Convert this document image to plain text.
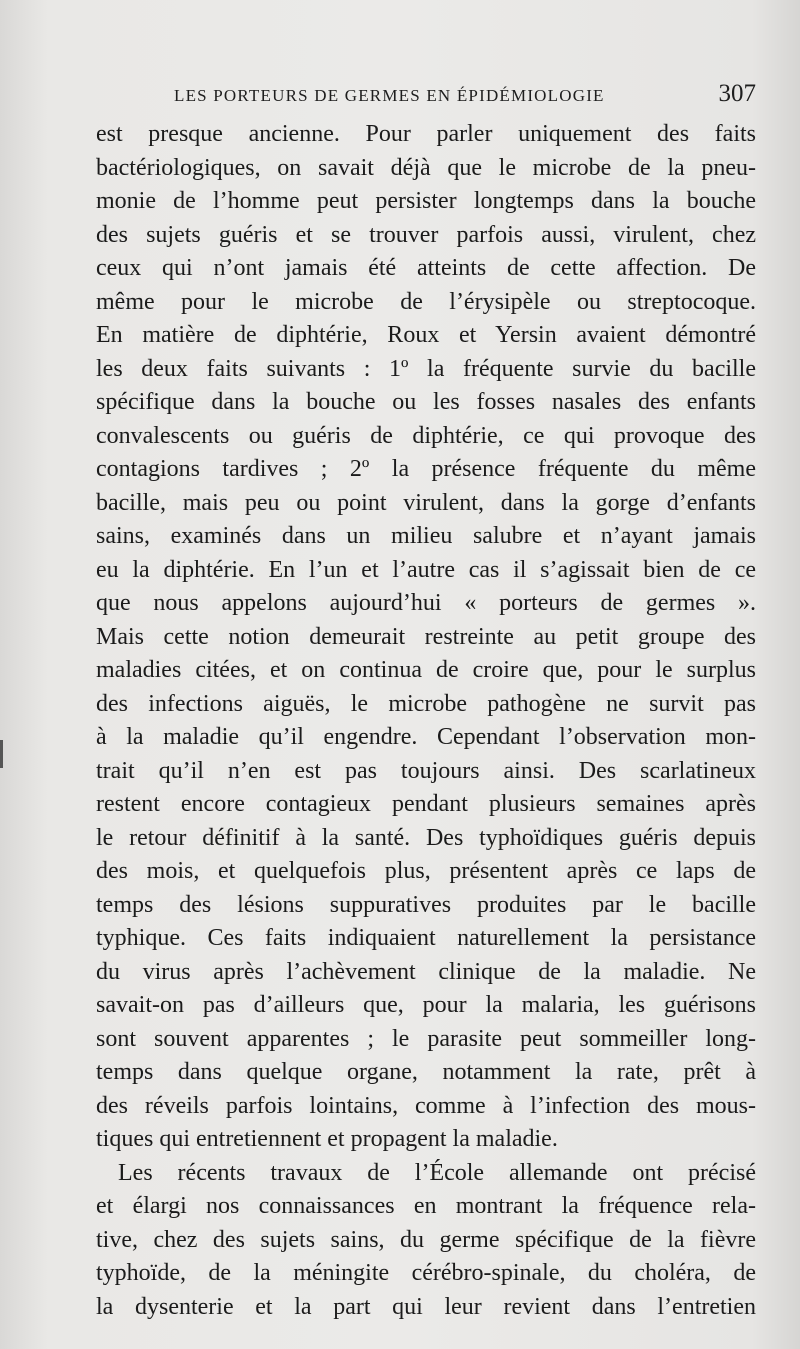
LES PORTEURS DE GERMES EN ÉPIDÉMIOLOGIE	307
est presque ancienne. Pour parler uniquement des faits
bactériologiques, on savait déjà que le microbe de la pneu-
monie de l’homme peut persister longtemps dans la bouche
des sujets guéris et se trouver parfois aussi, virulent, chez
ceux qui n’ont jamais été atteints de cette affection. De
même pour le microbe de l’érysipèle ou streptocoque.
En matière de diphtérie, Roux et Yersin avaient démontré
les deux faits suivants : 1º la fréquente survie du bacille
spécifique dans la bouche ou les fosses nasales des enfants
convalescents ou guéris de diphtérie, ce qui provoque des
contagions tardives ; 2º la présence fréquente du même
bacille, mais peu ou point virulent, dans la gorge d’enfants
sains, examinés dans un milieu salubre et n’ayant jamais
eu la diphtérie. En l’un et l’autre cas il s’agissait bien de ce
que nous appelons aujourd’hui « porteurs de germes ».
Mais cette notion demeurait restreinte au petit groupe des
maladies citées, et on continua de croire que, pour le surplus
des infections aiguës, le microbe pathogène ne survit pas
à la maladie qu’il engendre. Cependant l’observation mon-
trait qu’il n’en est pas toujours ainsi. Des scarlatineux
restent encore contagieux pendant plusieurs semaines après
le retour définitif à la santé. Des typhoïdiques guéris depuis
des mois, et quelquefois plus, présentent après ce laps de
temps des lésions suppuratives produites par le bacille
typhique. Ces faits indiquaient naturellement la persistance
du virus après l’achèvement clinique de la maladie. Ne
savait-on pas d’ailleurs que, pour la malaria, les guérisons
sont souvent apparentes ; le parasite peut sommeiller long-
temps dans quelque organe, notamment la rate, prêt à
des réveils parfois lointains, comme à l’infection des mous-
tiques qui entretiennent et propagent la maladie.
Les récents travaux de l’École allemande ont précisé
et élargi nos connaissances en montrant la fréquence rela-
tive, chez des sujets sains, du germe spécifique de la fièvre
typhoïde, de la méningite cérébro-spinale, du choléra, de
la dysenterie et la part qui leur revient dans l’entretien
